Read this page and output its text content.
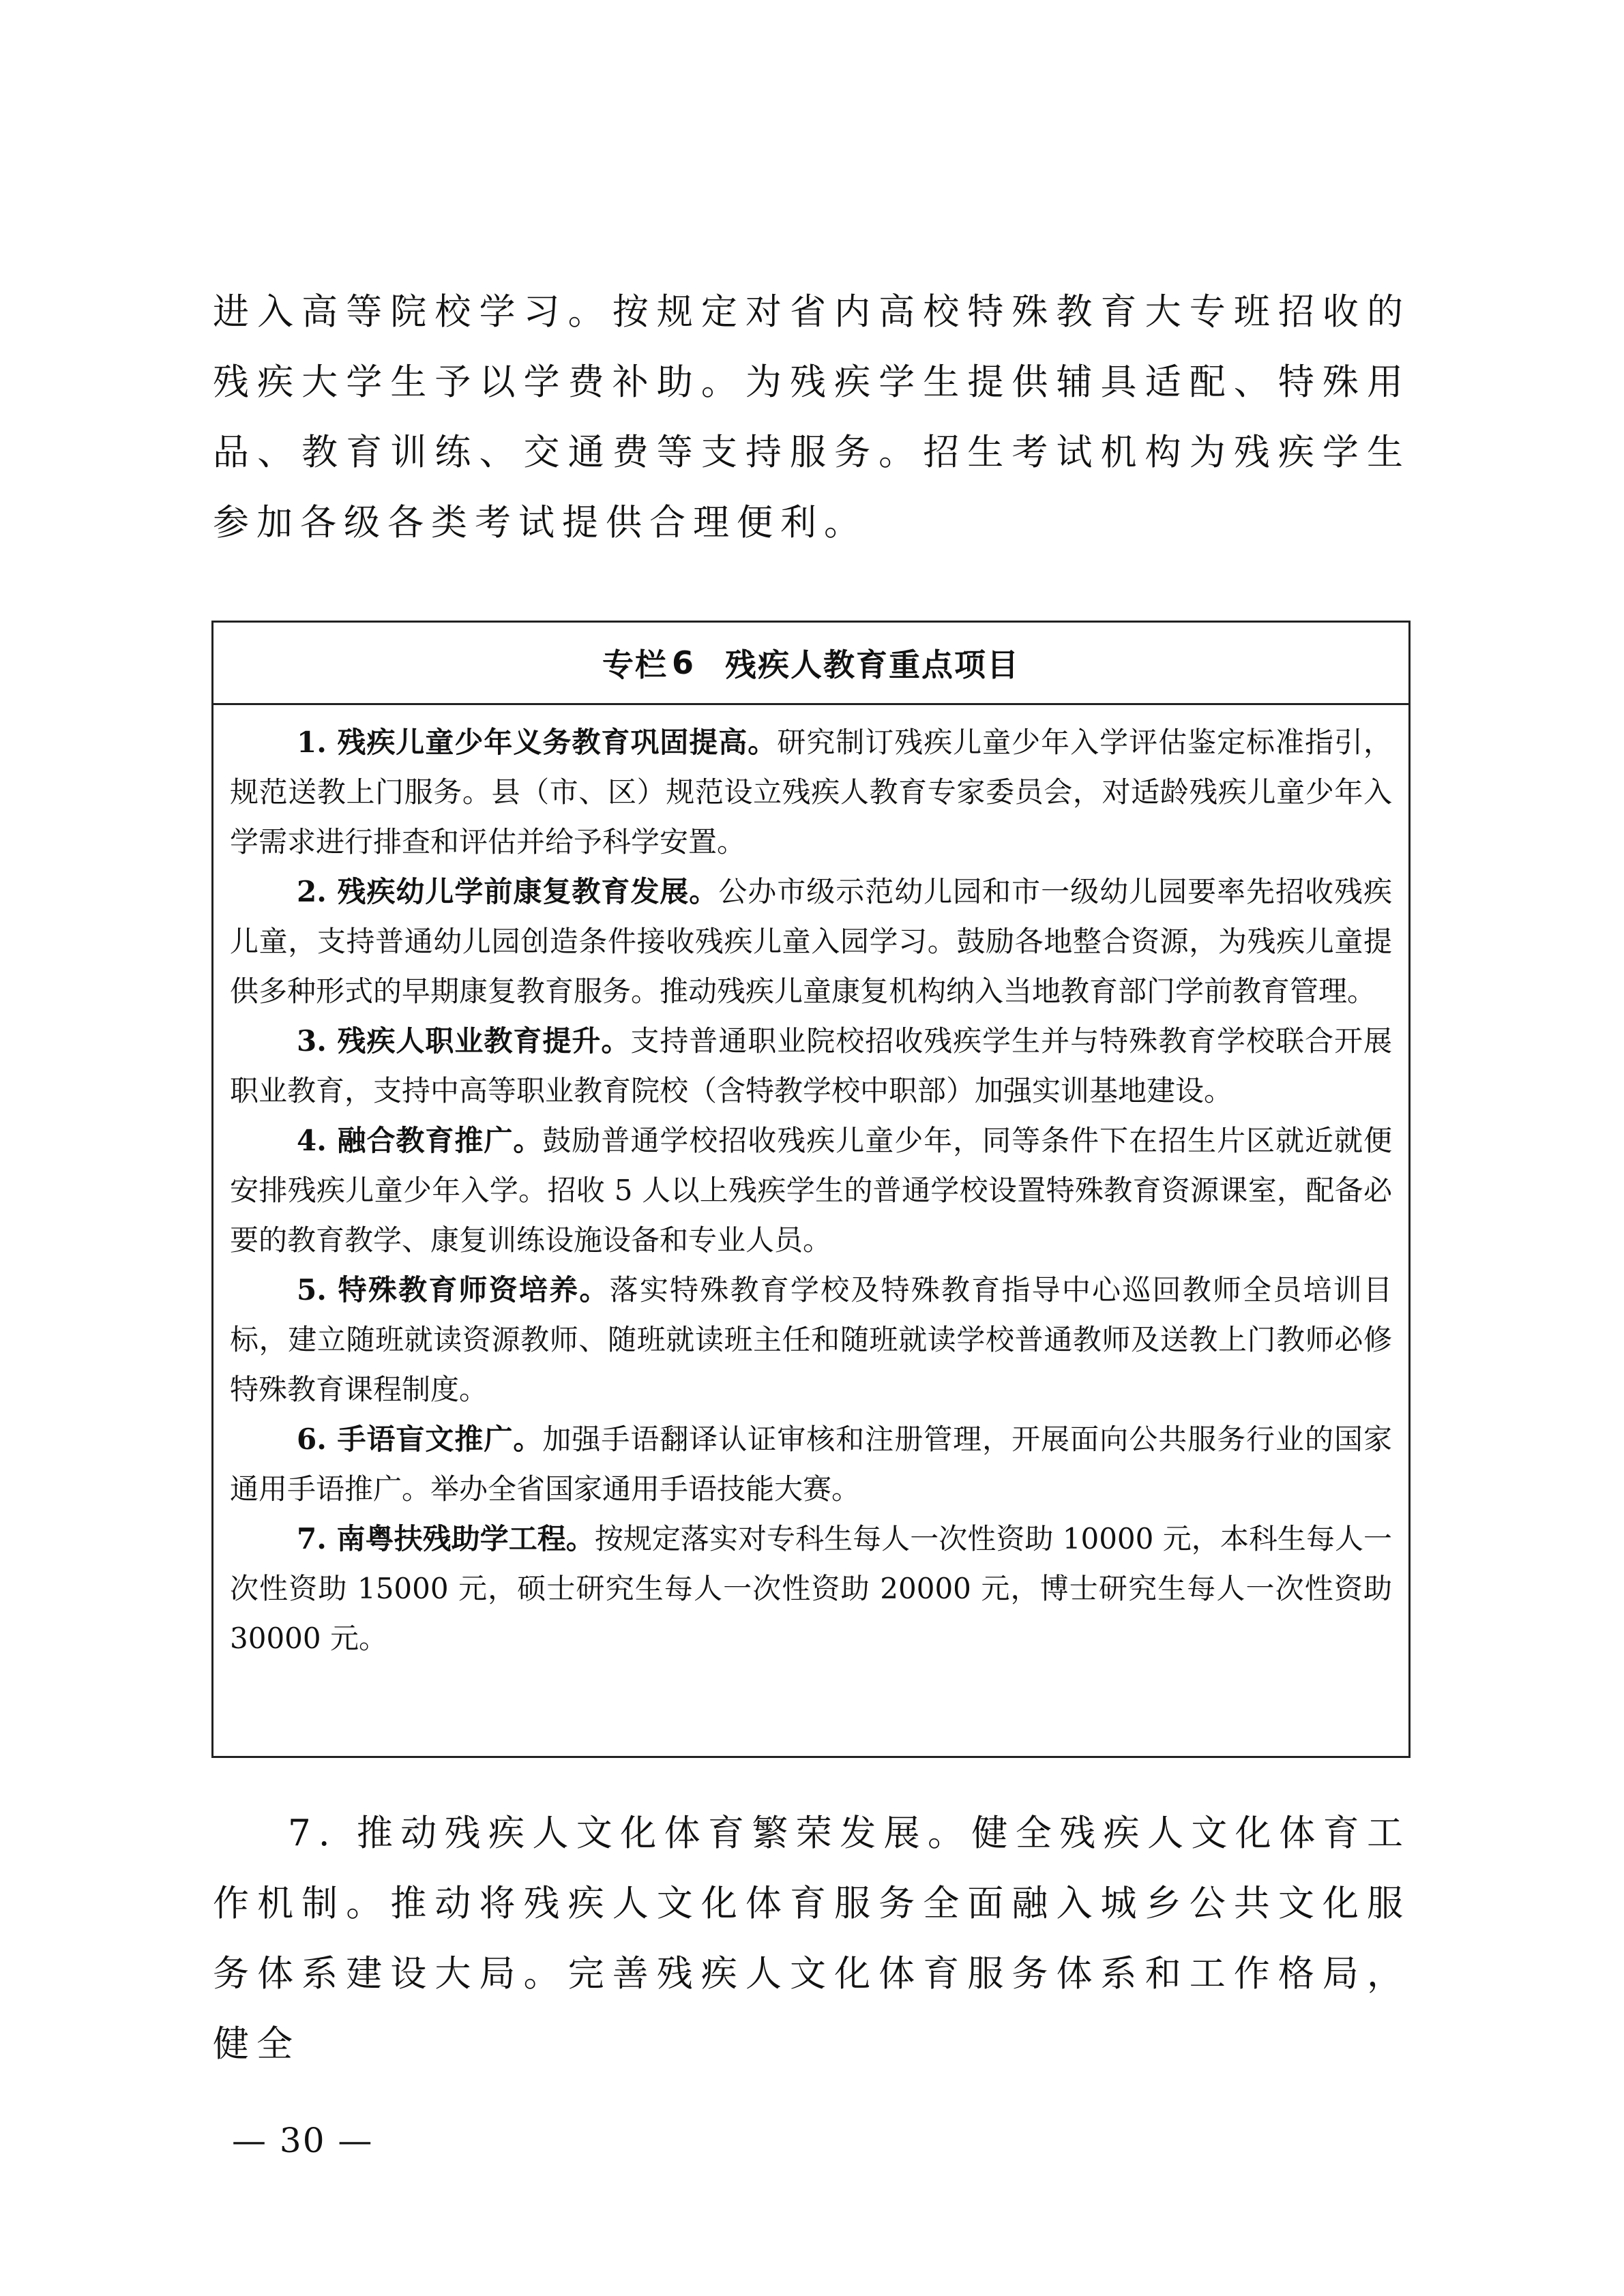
进入高等院校学习。按规定对省内高校特殊教育大专班招收的残疾大学生予以学费补助。为残疾学生提供辅具适配、特殊用品、教育训练、交通费等支持服务。招生考试机构为残疾学生参加各级各类考试提供合理便利。

专栏 6 残疾人教育重点项目

1. 残疾儿童少年义务教育巩固提高。研究制订残疾儿童少年入学评估鉴定标准指引，规范送教上门服务。县（市、区）规范设立残疾人教育专家委员会，对适龄残疾儿童少年入学需求进行排查和评估并给予科学安置。

2. 残疾幼儿学前康复教育发展。公办市级示范幼儿园和市一级幼儿园要率先招收残疾儿童，支持普通幼儿园创造条件接收残疾儿童入园学习。鼓励各地整合资源，为残疾儿童提供多种形式的早期康复教育服务。推动残疾儿童康复机构纳入当地教育部门学前教育管理。

3. 残疾人职业教育提升。支持普通职业院校招收残疾学生并与特殊教育学校联合开展职业教育，支持中高等职业教育院校（含特教学校中职部）加强实训基地建设。

4. 融合教育推广。鼓励普通学校招收残疾儿童少年，同等条件下在招生片区就近就便安排残疾儿童少年入学。招收 5 人以上残疾学生的普通学校设置特殊教育资源课室，配备必要的教育教学、康复训练设施设备和专业人员。

5. 特殊教育师资培养。落实特殊教育学校及特殊教育指导中心巡回教师全员培训目标，建立随班就读资源教师、随班就读班主任和随班就读学校普通教师及送教上门教师必修特殊教育课程制度。

6. 手语盲文推广。加强手语翻译认证审核和注册管理，开展面向公共服务行业的国家通用手语推广。举办全省国家通用手语技能大赛。

7. 南粤扶残助学工程。按规定落实对专科生每人一次性资助 10000 元，本科生每人一次性资助 15000 元，硕士研究生每人一次性资助 20000 元，博士研究生每人一次性资助 30000 元。

7. 推动残疾人文化体育繁荣发展。健全残疾人文化体育工作机制。推动将残疾人文化体育服务全面融入城乡公共文化服务体系建设大局。完善残疾人文化体育服务体系和工作格局，健全

— 30 —
